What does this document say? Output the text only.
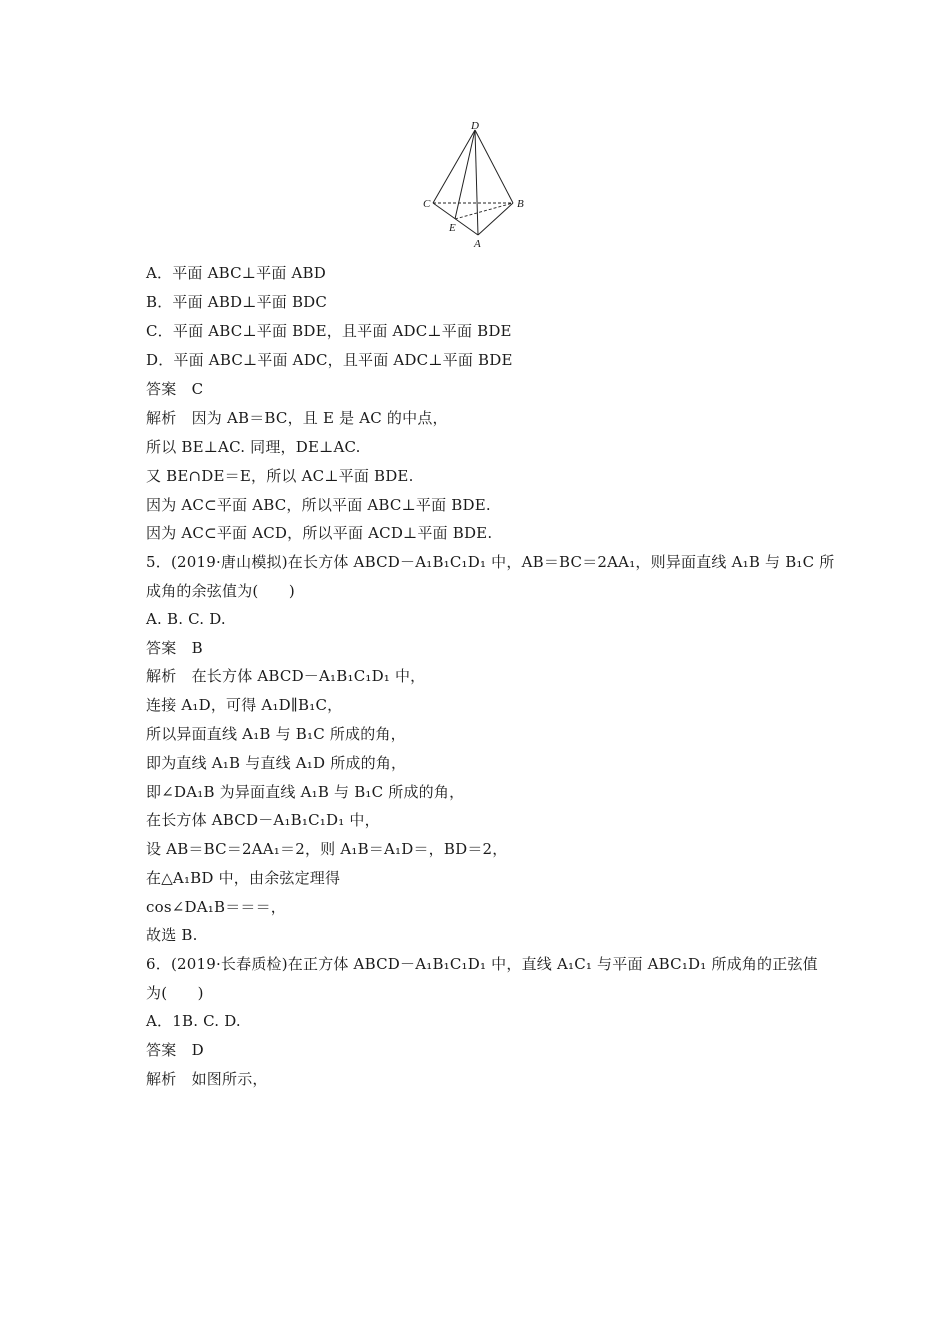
D
C	B
E
A
A．平面 ABC⊥平面 ABD
B．平面 ABD⊥平面 BDC
C．平面 ABC⊥平面 BDE，且平面 ADC⊥平面 BDE
D．平面 ABC⊥平面 ADC，且平面 ADC⊥平面 BDE
答案　C
解析　因为 AB＝BC，且 E 是 AC 的中点，
所以 BE⊥AC. 同理，DE⊥AC.
又 BE∩DE＝E，所以 AC⊥平面 BDE.
因为 AC⊂平面 ABC，所以平面 ABC⊥平面 BDE.
因为 AC⊂平面 ACD，所以平面 ACD⊥平面 BDE.
5．(2019·唐山模拟)在长方体 ABCD－A₁B₁C₁D₁ 中，AB＝BC＝2AA₁，则异面直线 A₁B 与 B₁C 所
成角的余弦值为(　　)
A. B. C. D.
答案　B
解析　在长方体 ABCD－A₁B₁C₁D₁ 中，
连接 A₁D，可得 A₁D∥B₁C，
所以异面直线 A₁B 与 B₁C 所成的角，
即为直线 A₁B 与直线 A₁D 所成的角，
即∠DA₁B 为异面直线 A₁B 与 B₁C 所成的角，
在长方体 ABCD－A₁B₁C₁D₁ 中，
设 AB＝BC＝2AA₁＝2，则 A₁B＝A₁D＝，BD＝2，
在△A₁BD 中，由余弦定理得
cos∠DA₁B＝＝＝，
故选 B.
6．(2019·长春质检)在正方体 ABCD－A₁B₁C₁D₁ 中，直线 A₁C₁ 与平面 ABC₁D₁ 所成角的正弦值
为(　　)
A．1B. C. D.
答案　D
解析　如图所示，
